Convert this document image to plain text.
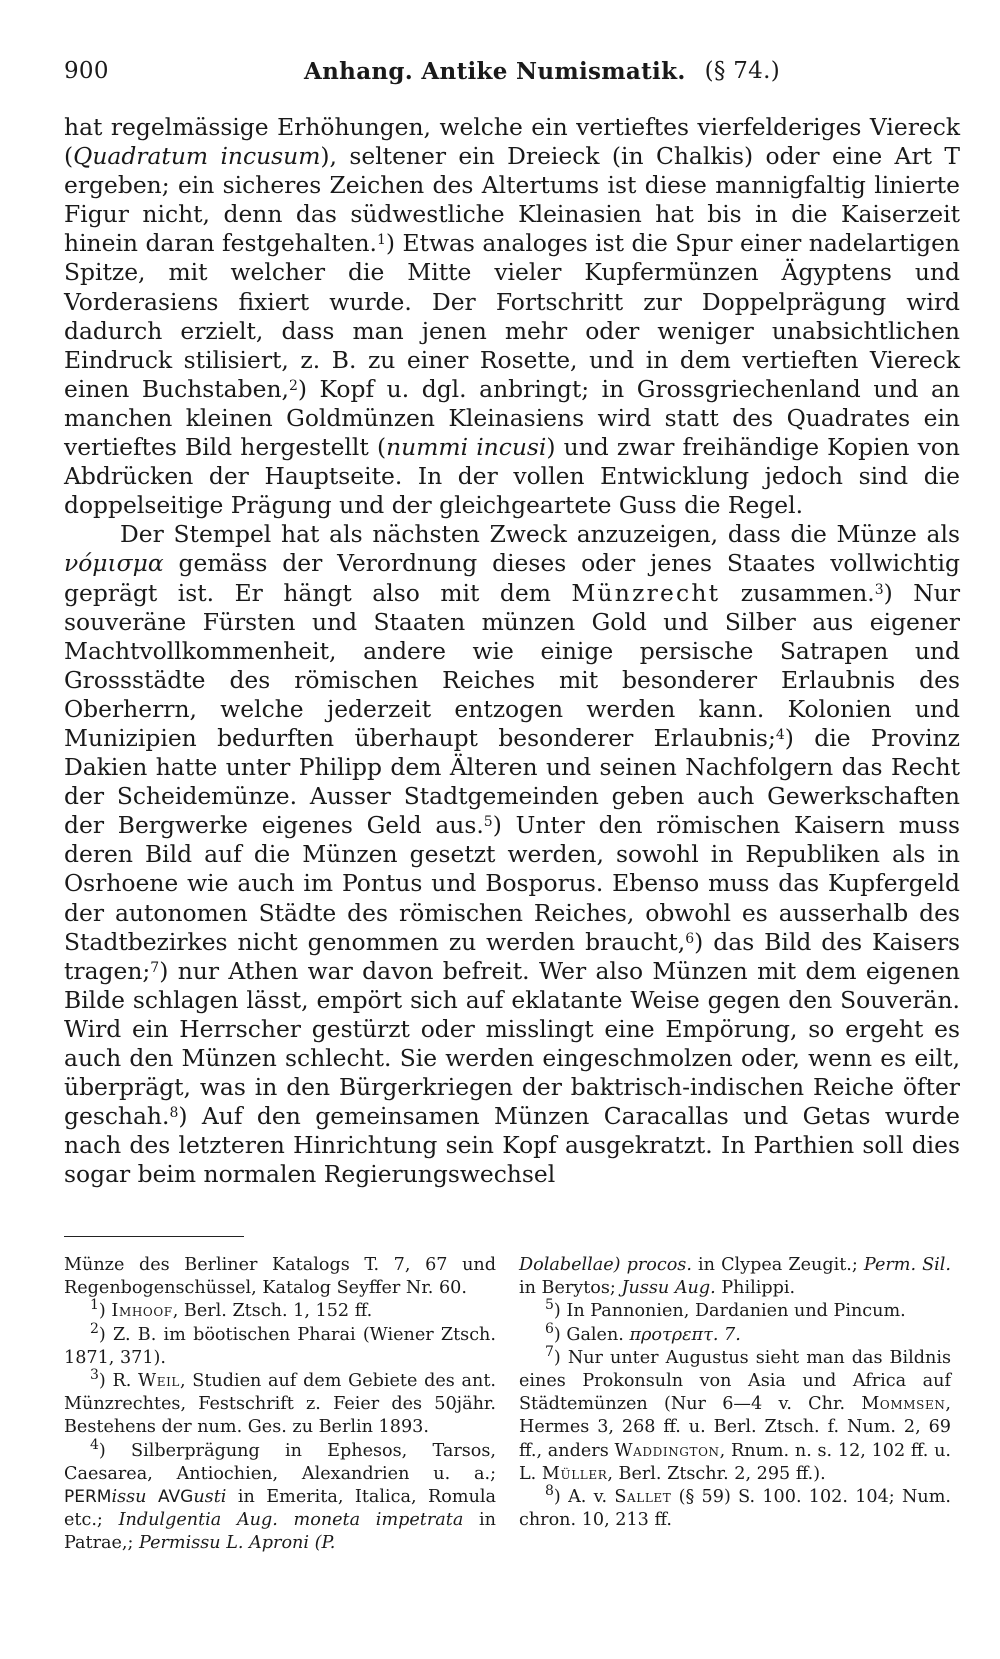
900	Anhang. Antike Numismatik. (§ 74.)

hat regelmässige Erhöhungen, welche ein vertieftes vierfelderiges Viereck (Quadratum incusum), seltener ein Dreieck (in Chalkis) oder eine Art T ergeben; ein sicheres Zeichen des Altertums ist diese mannigfaltig linierte Figur nicht, denn das südwestliche Kleinasien hat bis in die Kaiserzeit hinein daran festgehalten.$^1$) Etwas analoges ist die Spur einer nadelartigen Spitze, mit welcher die Mitte vieler Kupfermünzen Ägyptens und Vorderasiens fixiert wurde. Der Fortschritt zur Doppelprägung wird dadurch erzielt, dass man jenen mehr oder weniger unabsichtlichen Eindruck stilisiert, z. B. zu einer Rosette, und in dem vertieften Viereck einen Buchstaben,$^2$) Kopf u. dgl. anbringt; in Grossgriechenland und an manchen kleinen Goldmünzen Kleinasiens wird statt des Quadrates ein vertieftes Bild hergestellt (nummi incusi) und zwar freihändige Kopien von Abdrücken der Hauptseite. In der vollen Entwicklung jedoch sind die doppelseitige Prägung und der gleichgeartete Guss die Regel.

Der Stempel hat als nächsten Zweck anzuzeigen, dass die Münze als νόμισμα gemäss der Verordnung dieses oder jenes Staates vollwichtig geprägt ist. Er hängt also mit dem Münzrecht zusammen.$^3$) Nur souveräne Fürsten und Staaten münzen Gold und Silber aus eigener Machtvollkommenheit, andere wie einige persische Satrapen und Grossstädte des römischen Reiches mit besonderer Erlaubnis des Oberherrn, welche jederzeit entzogen werden kann. Kolonien und Munizipien bedurften überhaupt besonderer Erlaubnis;$^4$) die Provinz Dakien hatte unter Philipp dem Älteren und seinen Nachfolgern das Recht der Scheidemünze. Ausser Stadtgemeinden geben auch Gewerkschaften der Bergwerke eigenes Geld aus.$^5$) Unter den römischen Kaisern muss deren Bild auf die Münzen gesetzt werden, sowohl in Republiken als in Osrhoene wie auch im Pontus und Bosporus. Ebenso muss das Kupfergeld der autonomen Städte des römischen Reiches, obwohl es ausserhalb des Stadtbezirkes nicht genommen zu werden braucht,$^6$) das Bild des Kaisers tragen;$^7$) nur Athen war davon befreit. Wer also Münzen mit dem eigenen Bilde schlagen lässt, empört sich auf eklatante Weise gegen den Souverän. Wird ein Herrscher gestürzt oder misslingt eine Empörung, so ergeht es auch den Münzen schlecht. Sie werden eingeschmolzen oder, wenn es eilt, überprägt, was in den Bürgerkriegen der baktrisch-indischen Reiche öfter geschah.$^8$) Auf den gemeinsamen Münzen Caracallas und Getas wurde nach des letzteren Hinrichtung sein Kopf ausgekratzt. In Parthien soll dies sogar beim normalen Regierungswechsel

Münze des Berliner Katalogs T. 7, 67 und Regenbogenschüssel, Katalog Seyffer Nr. 60.

$^1$) Imhoof, Berl. Ztsch. 1, 152 ff.

$^2$) Z. B. im böotischen Pharai (Wiener Ztsch. 1871, 371).

$^3$) R. Weil, Studien auf dem Gebiete des ant. Münzrechtes, Festschrift z. Feier des 50jähr. Bestehens der num. Ges. zu Berlin 1893.

$^4$) Silberprägung in Ephesos, Tarsos, Caesarea, Antiochien, Alexandrien u. a.; PERMissu AVGusti in Emerita, Italica, Romula etc.; Indulgentia Aug. moneta impetrata in Patrae,; Permissu L. Aproni (P.

Dolabellae) procos. in Clypea Zeugit.; Perm. Sil. in Berytos; Jussu Aug. Philippi.

$^5$) In Pannonien, Dardanien und Pincum.

$^6$) Galen. προτρεπτ. 7.

$^7$) Nur unter Augustus sieht man das Bildnis eines Prokonsuln von Asia und Africa auf Städtemünzen (Nur 6—4 v. Chr. Mommsen, Hermes 3, 268 ff. u. Berl. Ztsch. f. Num. 2, 69 ff., anders Waddington, Rnum. n. s. 12, 102 ff. u. L. Müller, Berl. Ztschr. 2, 295 ff.).

$^8$) A. v. Sallet (§ 59) S. 100. 102. 104; Num. chron. 10, 213 ff.
